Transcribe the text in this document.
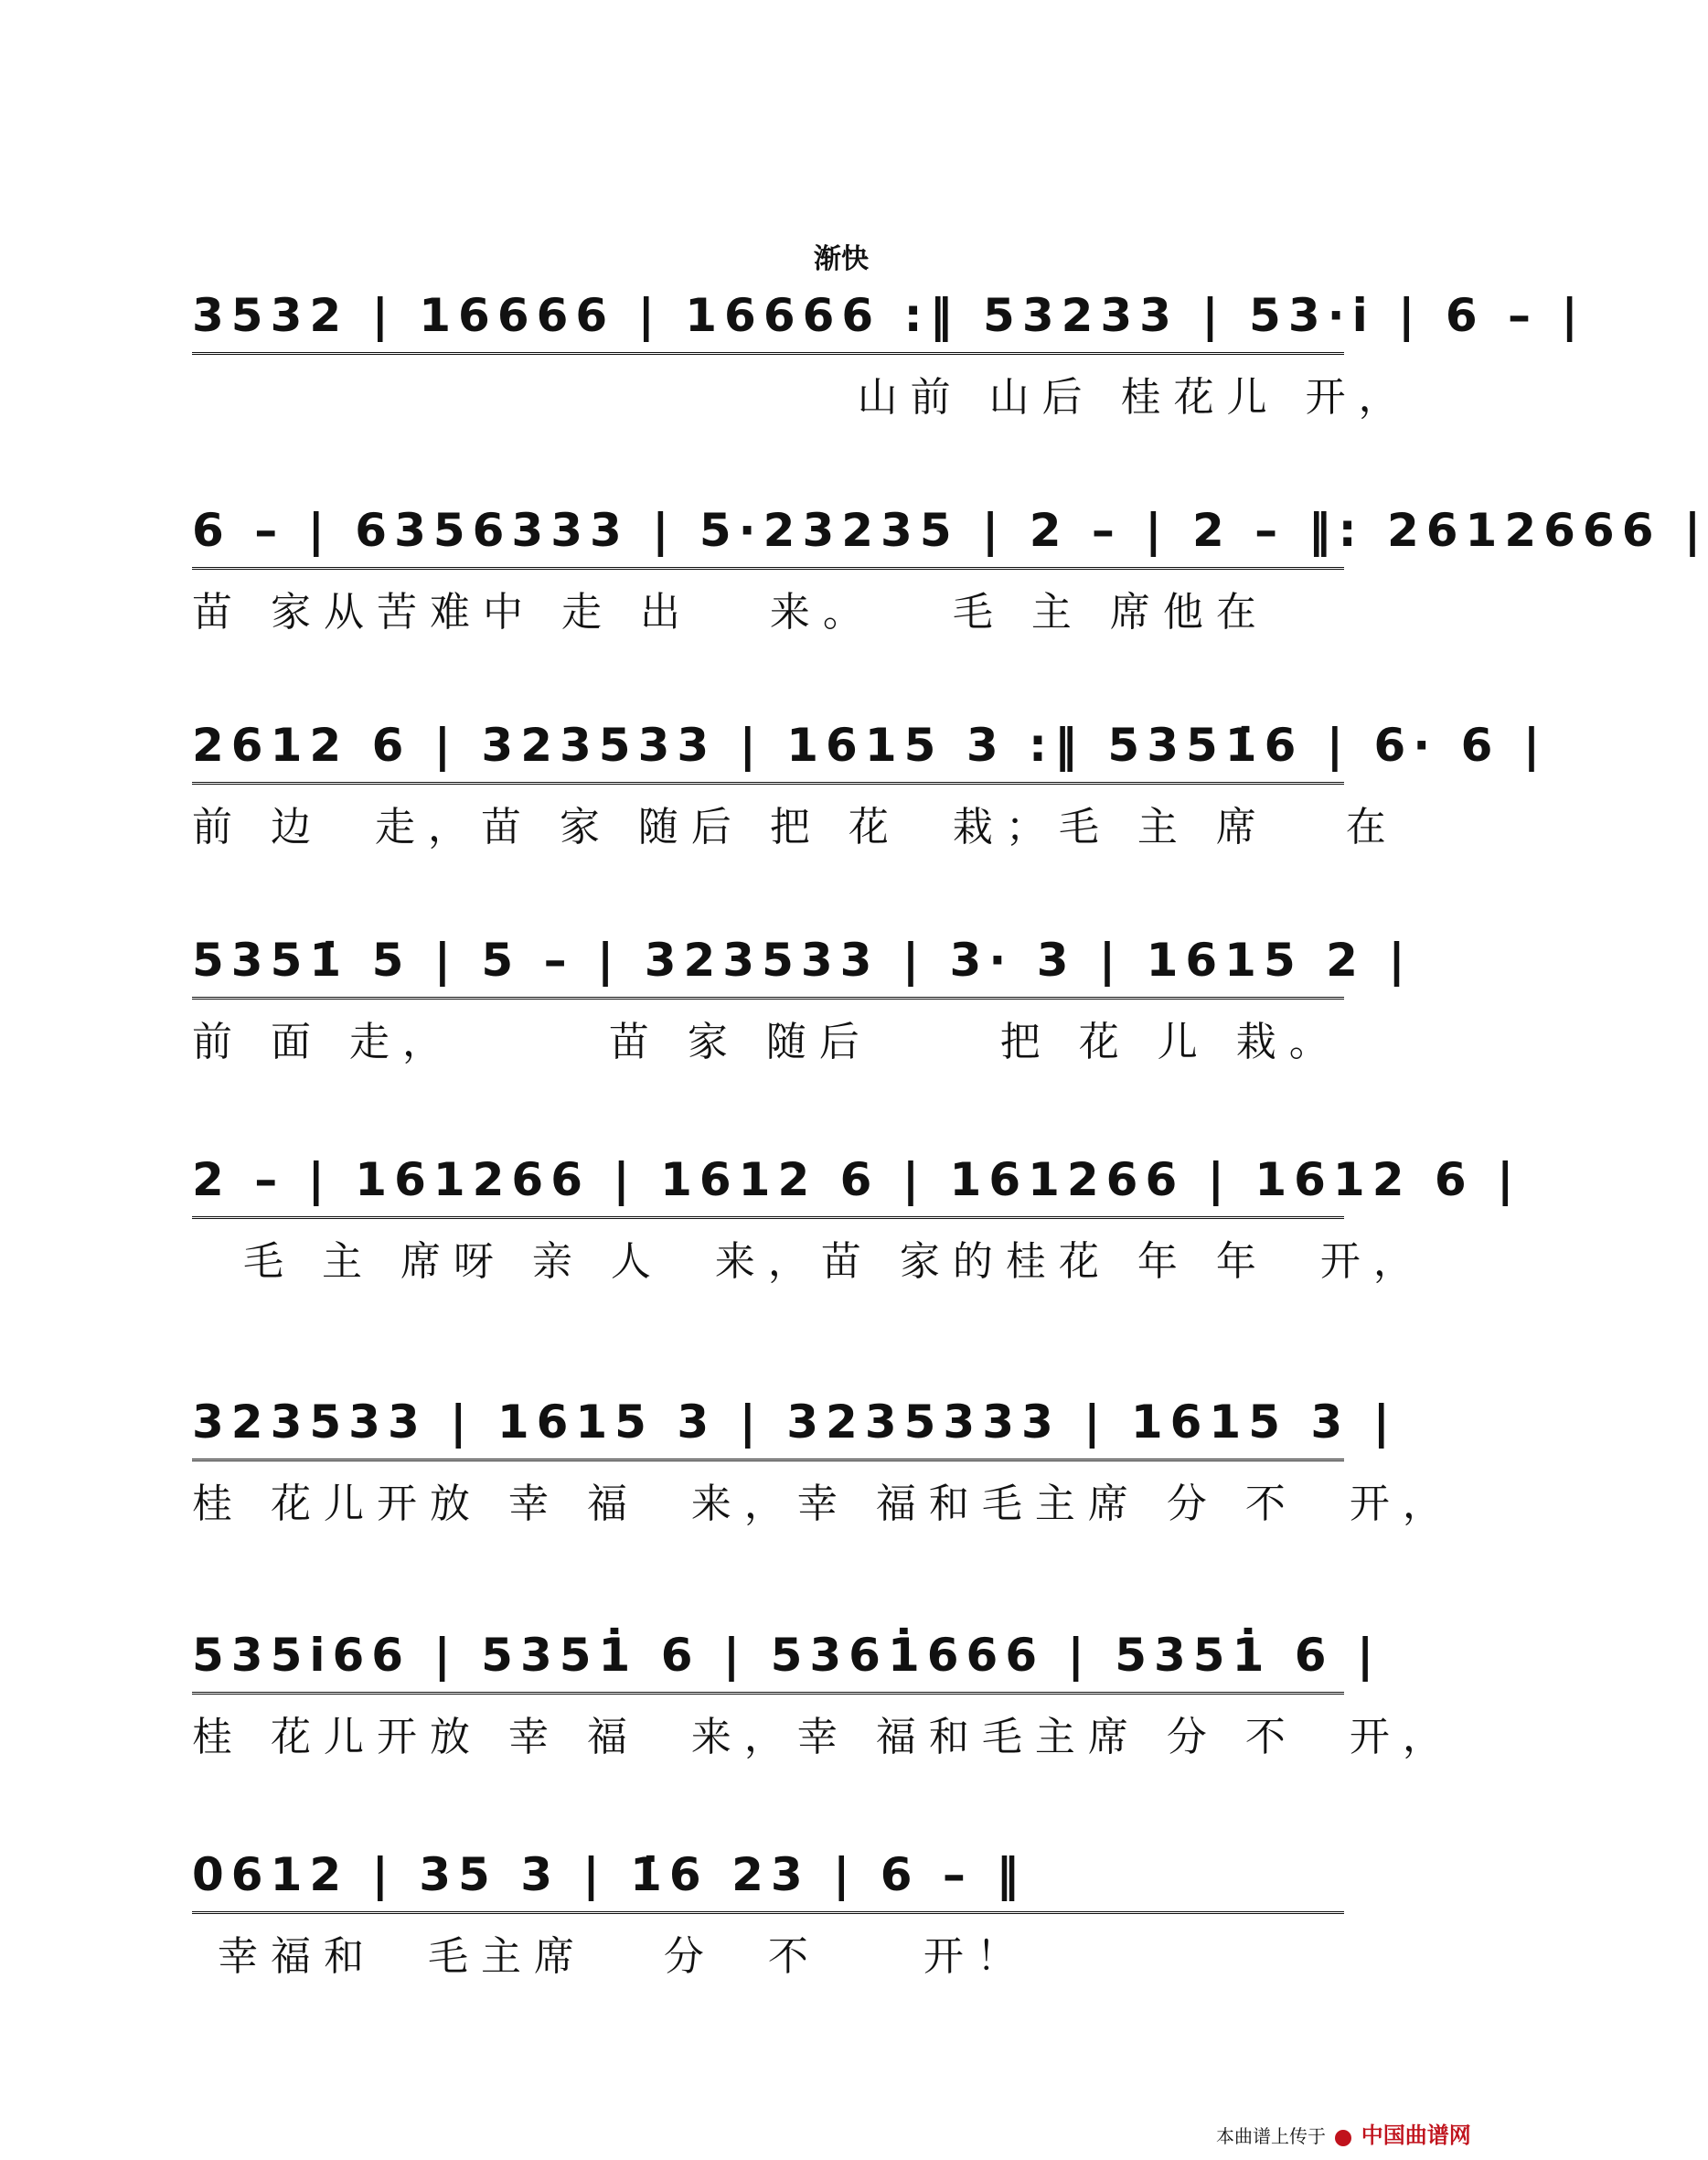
渐快
3532 | 16666 | 16666 :‖ 53233 | 53·i | 6 – |
山前 山后 桂花儿 开，
6 – | 6356333 | 5·23235 | 2 – | 2 – ‖: 2612666 |
苗 家从苦难中 走 出   来。   毛 主 席他在
2612 6 | 323533 | 1615 3 :‖ 5351̇6 | 6· 6 |
前 边  走，苗 家 随后 把 花  栽；毛 主 席   在
5351̇ 5 | 5 – | 323533 | 3· 3 | 1615 2 |
前 面 走，      苗 家 随后     把 花 儿 栽。
2 – | 161266 | 1612 6 | 161266 | 1612 6 |
毛 主 席呀 亲 人  来，苗 家的桂花 年 年  开，
323533 | 1615 3 | 3235333 | 1615 3 |
桂 花儿开放 幸 福  来，幸 福和毛主席 分 不  开，
535i66 | 5351̇ 6 | 5361̇666 | 5351̇ 6 |
桂 花儿开放 幸 福  来，幸 福和毛主席 分 不  开，
0612 | 35 3 | 1̇6 23 | 6 – ‖
幸福和  毛主席   分  不    开！
本曲谱上传于 中国曲谱网
